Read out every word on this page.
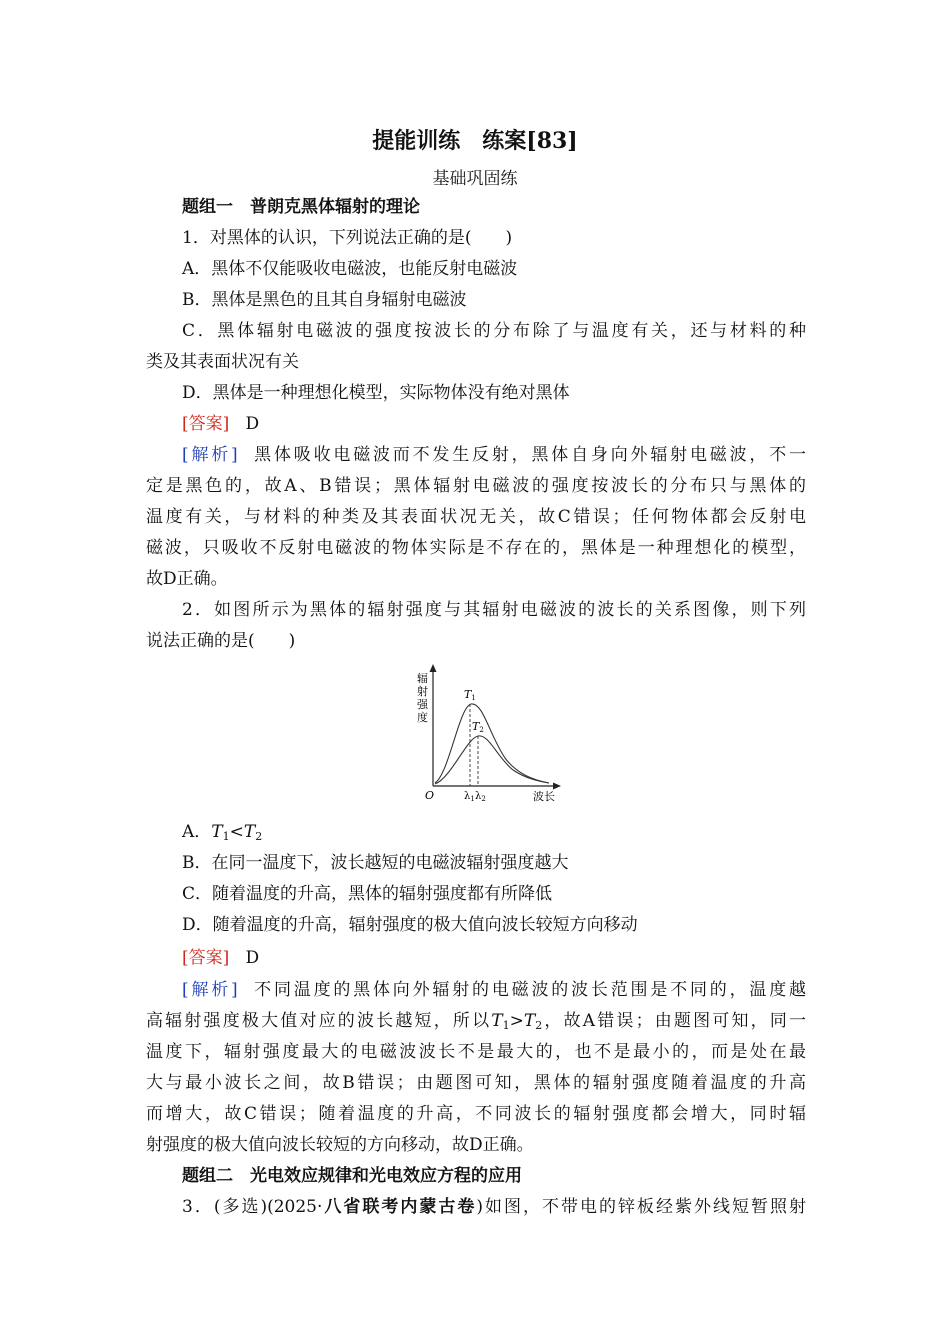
提能训练　练案[83]
基础巩固练
题组一　普朗克黑体辐射的理论
1．对黑体的认识，下列说法正确的是(　　)
A．黑体不仅能吸收电磁波，也能反射电磁波
B．黑体是黑色的且其自身辐射电磁波
C．黑体辐射电磁波的强度按波长的分布除了与温度有关，还与材料的种
类及其表面状况有关
D．黑体是一种理想化模型，实际物体没有绝对黑体
[答案] D
[解析] 黑体吸收电磁波而不发生反射，黑体自身向外辐射电磁波，不一
定是黑色的，故A、B错误；黑体辐射电磁波的强度按波长的分布只与黑体的
温度有关，与材料的种类及其表面状况无关，故C错误；任何物体都会反射电
磁波，只吸收不反射电磁波的物体实际是不存在的，黑体是一种理想化的模型，
故D正确。
2．如图所示为黑体的辐射强度与其辐射电磁波的波长的关系图像，则下列
说法正确的是(　　)
辐
射
强
度
T1
T2
O	$\lambda_1$ $\lambda_2$	波长
A．$T_1<T_2$
B．在同一温度下，波长越短的电磁波辐射强度越大
C．随着温度的升高，黑体的辐射强度都有所降低
D．随着温度的升高，辐射强度的极大值向波长较短方向移动
[答案] D
[解析] 不同温度的黑体向外辐射的电磁波的波长范围是不同的，温度越
高辐射强度极大值对应的波长越短，所以$T_1>T_2$，故A错误；由题图可知，同一
温度下，辐射强度最大的电磁波波长不是最大的，也不是最小的，而是处在最
大与最小波长之间，故B错误；由题图可知，黑体的辐射强度随着温度的升高
而增大，故C错误；随着温度的升高，不同波长的辐射强度都会增大，同时辐
射强度的极大值向波长较短的方向移动，故D正确。
题组二　光电效应规律和光电效应方程的应用
3．(多选)(2025·八省联考内蒙古卷)如图，不带电的锌板经紫外线短暂照射
